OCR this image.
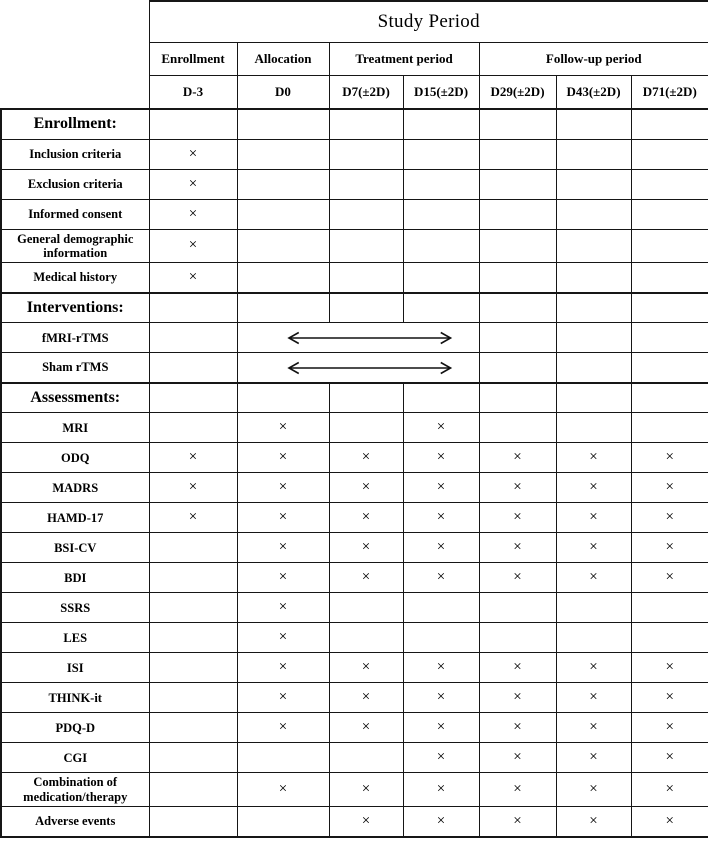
	Study Period						
	Enrollment	Allocation	Treatment period		Follow-up period		
	D-3	D0	D7(±2D)	D15(±2D)	D29(±2D)	D43(±2D)	D71(±2D)
Enrollment:							
Inclusion criteria	×						
Exclusion criteria	×						
Informed consent	×						
General demographic information	×						
Medical history	×						
Interventions:							
fMRI-rTMS		

Sham rTMS		

Assessments:							
MRI		×		×			
ODQ	×	×	×	×	×	×	×
MADRS	×	×	×	×	×	×	×
HAMD-17	×	×	×	×	×	×	×
BSI-CV		×	×	×	×	×	×
BDI		×	×	×	×	×	×
SSRS		×					
LES		×					
ISI		×	×	×	×	×	×
THINK-it		×	×	×	×	×	×
PDQ-D		×	×	×	×	×	×
CGI				×	×	×	×
Combination of medication/therapy		×	×	×	×	×	×
Adverse events			×	×	×	×	×
